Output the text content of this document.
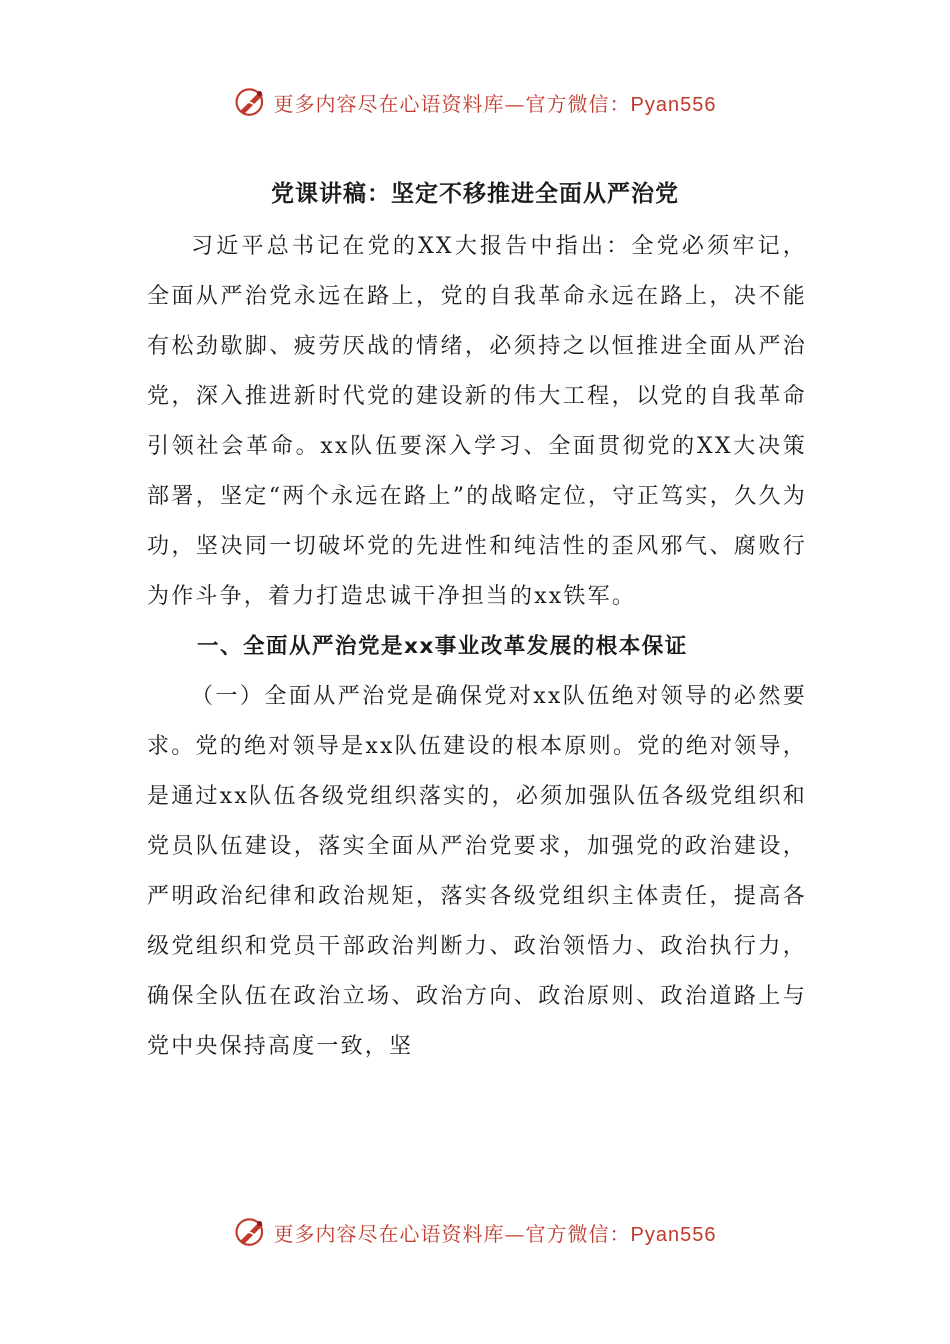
更多内容尽在心语资料库—官方微信：Pyan556
党课讲稿：坚定不移推进全面从严治党

习近平总书记在党的XX大报告中指出：全党必须牢记，全面从严治党永远在路上，党的自我革命永远在路上，决不能有松劲歇脚、疲劳厌战的情绪，必须持之以恒推进全面从严治党，深入推进新时代党的建设新的伟大工程，以党的自我革命引领社会革命。xx队伍要深入学习、全面贯彻党的XX大决策部署，坚定“两个永远在路上”的战略定位，守正笃实，久久为功，坚决同一切破坏党的先进性和纯洁性的歪风邪气、腐败行为作斗争，着力打造忠诚干净担当的xx铁军。

一、全面从严治党是xx事业改革发展的根本保证

（一）全面从严治党是确保党对xx队伍绝对领导的必然要求。党的绝对领导是xx队伍建设的根本原则。党的绝对领导，是通过xx队伍各级党组织落实的，必须加强队伍各级党组织和党员队伍建设，落实全面从严治党要求，加强党的政治建设，严明政治纪律和政治规矩，落实各级党组织主体责任，提高各级党组织和党员干部政治判断力、政治领悟力、政治执行力，确保全队伍在政治立场、政治方向、政治原则、政治道路上与党中央保持高度一致，坚

更多内容尽在心语资料库—官方微信：Pyan556
